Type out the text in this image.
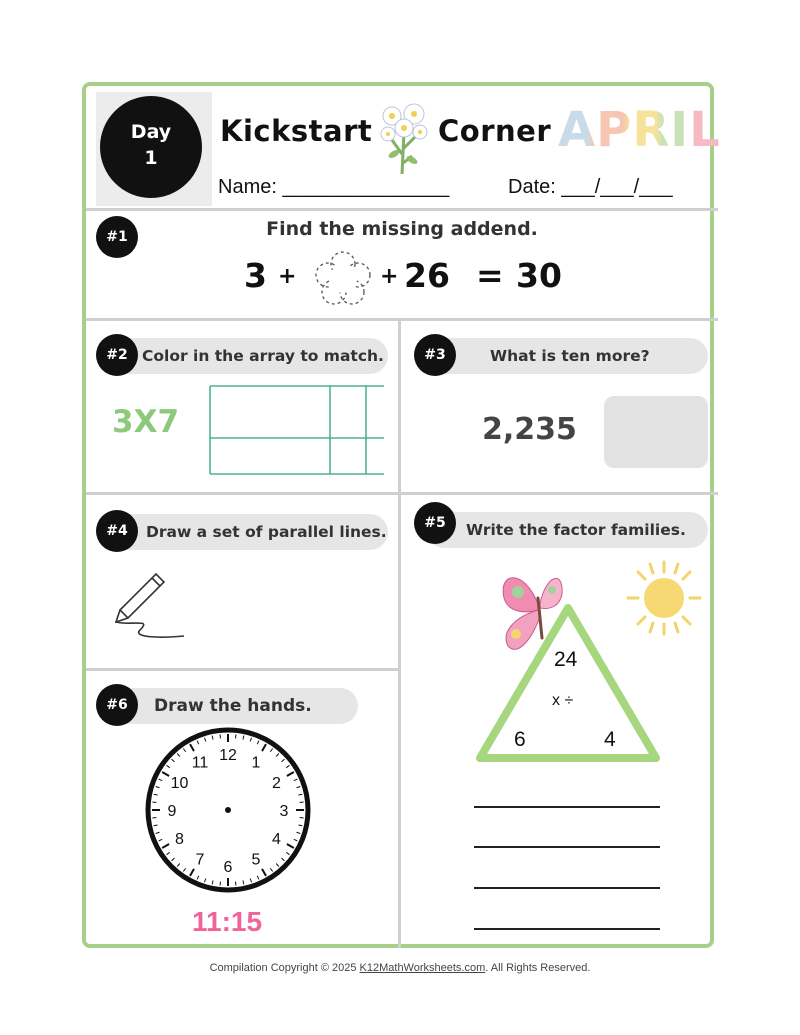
Day
1
Kickstart Corner APRIL
Name: _______________	Date: ___/___/___
#1	Find the missing addend.
3 +	+ 26 = 30
Color in the array to match.
#2
3X7
What is ten more?
#3
2,235
Draw a set of parallel lines.
#4	Write the factor families.
#5
24
x ÷
6	4
Draw the hands.
#6
12 1
2
3
4
5
6
7
8
9
10
11
11:15
Compilation Copyright © 2025 K12MathWorksheets.com. All Rights Reserved.
